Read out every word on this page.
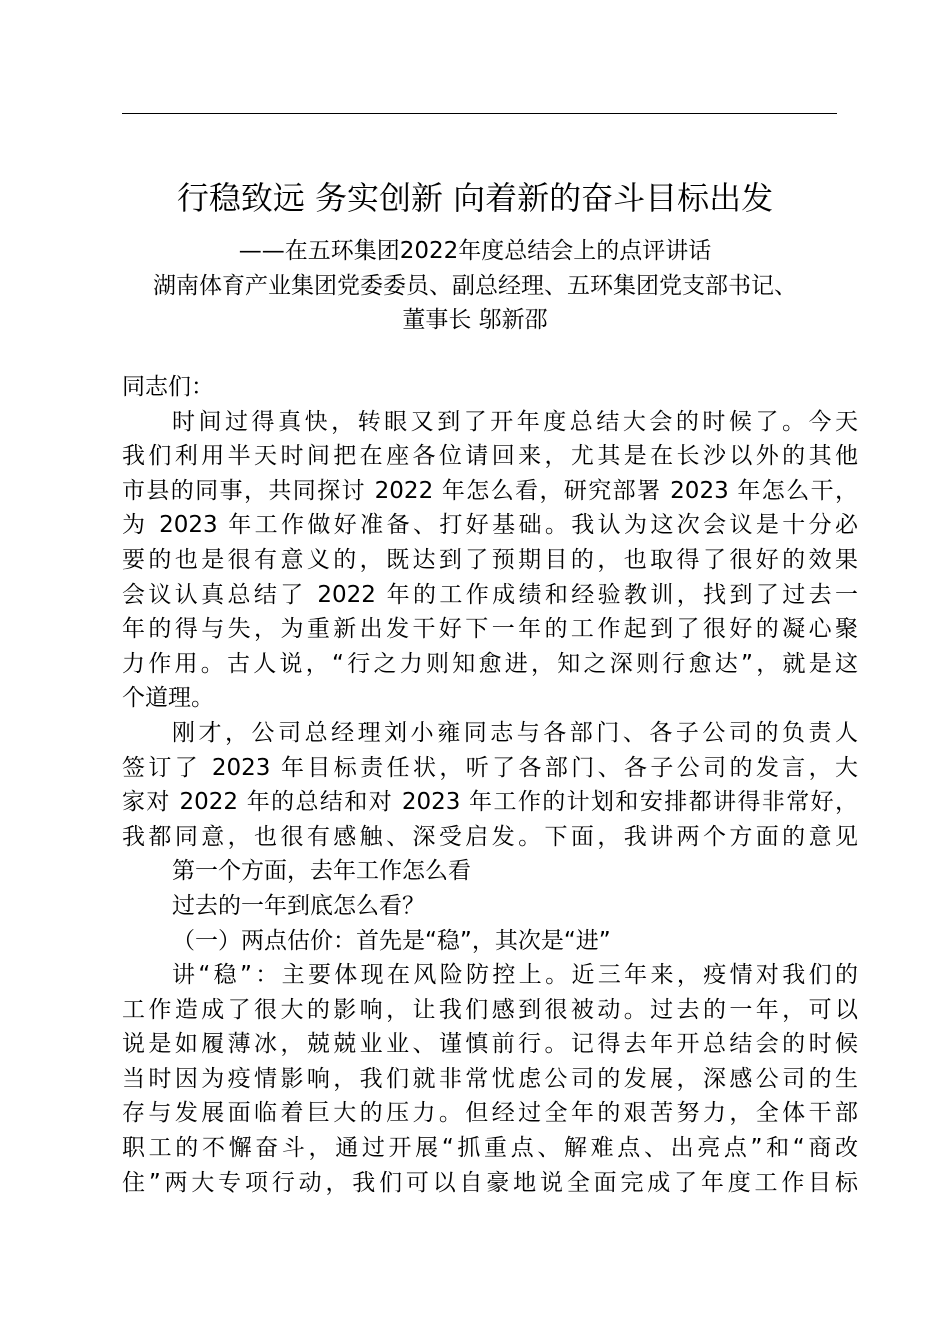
行稳致远 务实创新 向着新的奋斗目标出发
——在五环集团2022年度总结会上的点评讲话
湖南体育产业集团党委委员、副总经理、五环集团党支部书记、
董事长 邬新邵
同志们：
时间过得真快，转眼又到了开年度总结大会的时候了。今天
我们利用半天时间把在座各位请回来，尤其是在长沙以外的其他
市县的同事，共同探讨 2022 年怎么看，研究部署 2023 年怎么干，
为 2023 年工作做好准备、打好基础。我认为这次会议是十分必
要的也是很有意义的，既达到了预期目的，也取得了很好的效果
会议认真总结了 2022 年的工作成绩和经验教训，找到了过去一
年的得与失，为重新出发干好下一年的工作起到了很好的凝心聚
力作用。古人说，“行之力则知愈进，知之深则行愈达”，就是这
个道理。
刚才，公司总经理刘小雍同志与各部门、各子公司的负责人
签订了 2023 年目标责任状，听了各部门、各子公司的发言，大
家对 2022 年的总结和对 2023 年工作的计划和安排都讲得非常好，
我都同意，也很有感触、深受启发。下面，我讲两个方面的意见
第一个方面，去年工作怎么看
过去的一年到底怎么看？
（一）两点估价：首先是“稳”，其次是“进”
讲“稳”：主要体现在风险防控上。近三年来，疫情对我们的
工作造成了很大的影响，让我们感到很被动。过去的一年，可以
说是如履薄冰，兢兢业业、谨慎前行。记得去年开总结会的时候
当时因为疫情影响，我们就非常忧虑公司的发展，深感公司的生
存与发展面临着巨大的压力。但经过全年的艰苦努力，全体干部
职工的不懈奋斗，通过开展“抓重点、解难点、出亮点”和“商改
住”两大专项行动，我们可以自豪地说全面完成了年度工作目标
